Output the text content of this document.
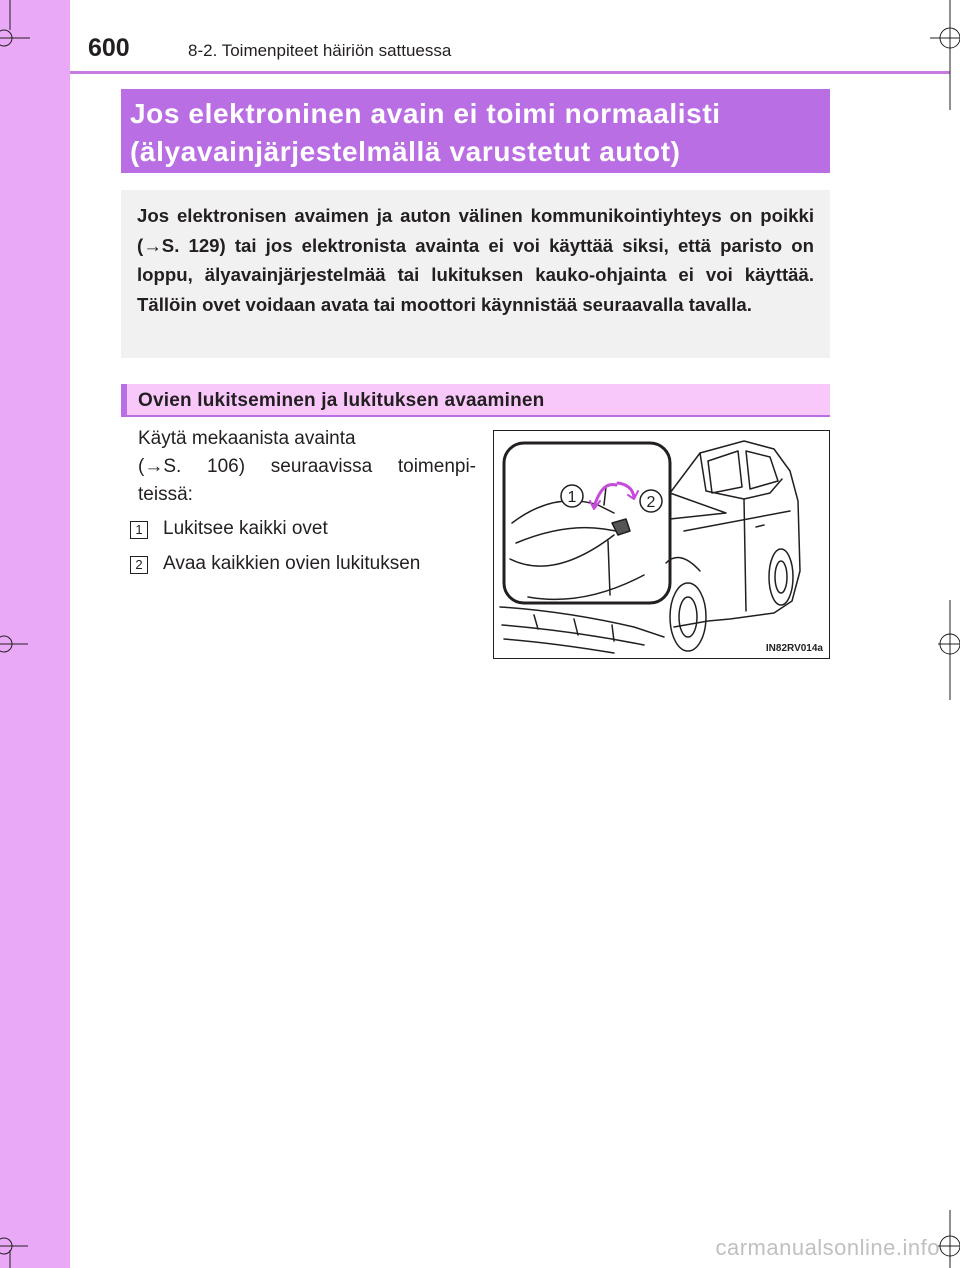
600	8-2. Toimenpiteet häiriön sattuessa
Jos elektroninen avain ei toimi normaalisti
(älyavainjärjestelmällä varustetut autot)

Jos elektronisen avaimen ja auton välinen kommunikointiyhteys on poikki (→S. 129) tai jos elektronista avainta ei voi käyttää siksi, että paristo on loppu, älyavainjärjestelmää tai lukituksen kauko-ohjainta ei voi käyttää. Tällöin ovet voidaan avata tai moottori käynnistää seuraavalla tavalla.

Ovien lukitseminen ja lukituksen avaaminen
Käytä mekaanista avainta
(→S. 106) seuraavissa toimenpi-
teissä:
1 Lukitsee kaikki ovet
2 Avaa kaikkien ovien lukituksen
1	2
IN82RV014a
carmanualsonline.info
